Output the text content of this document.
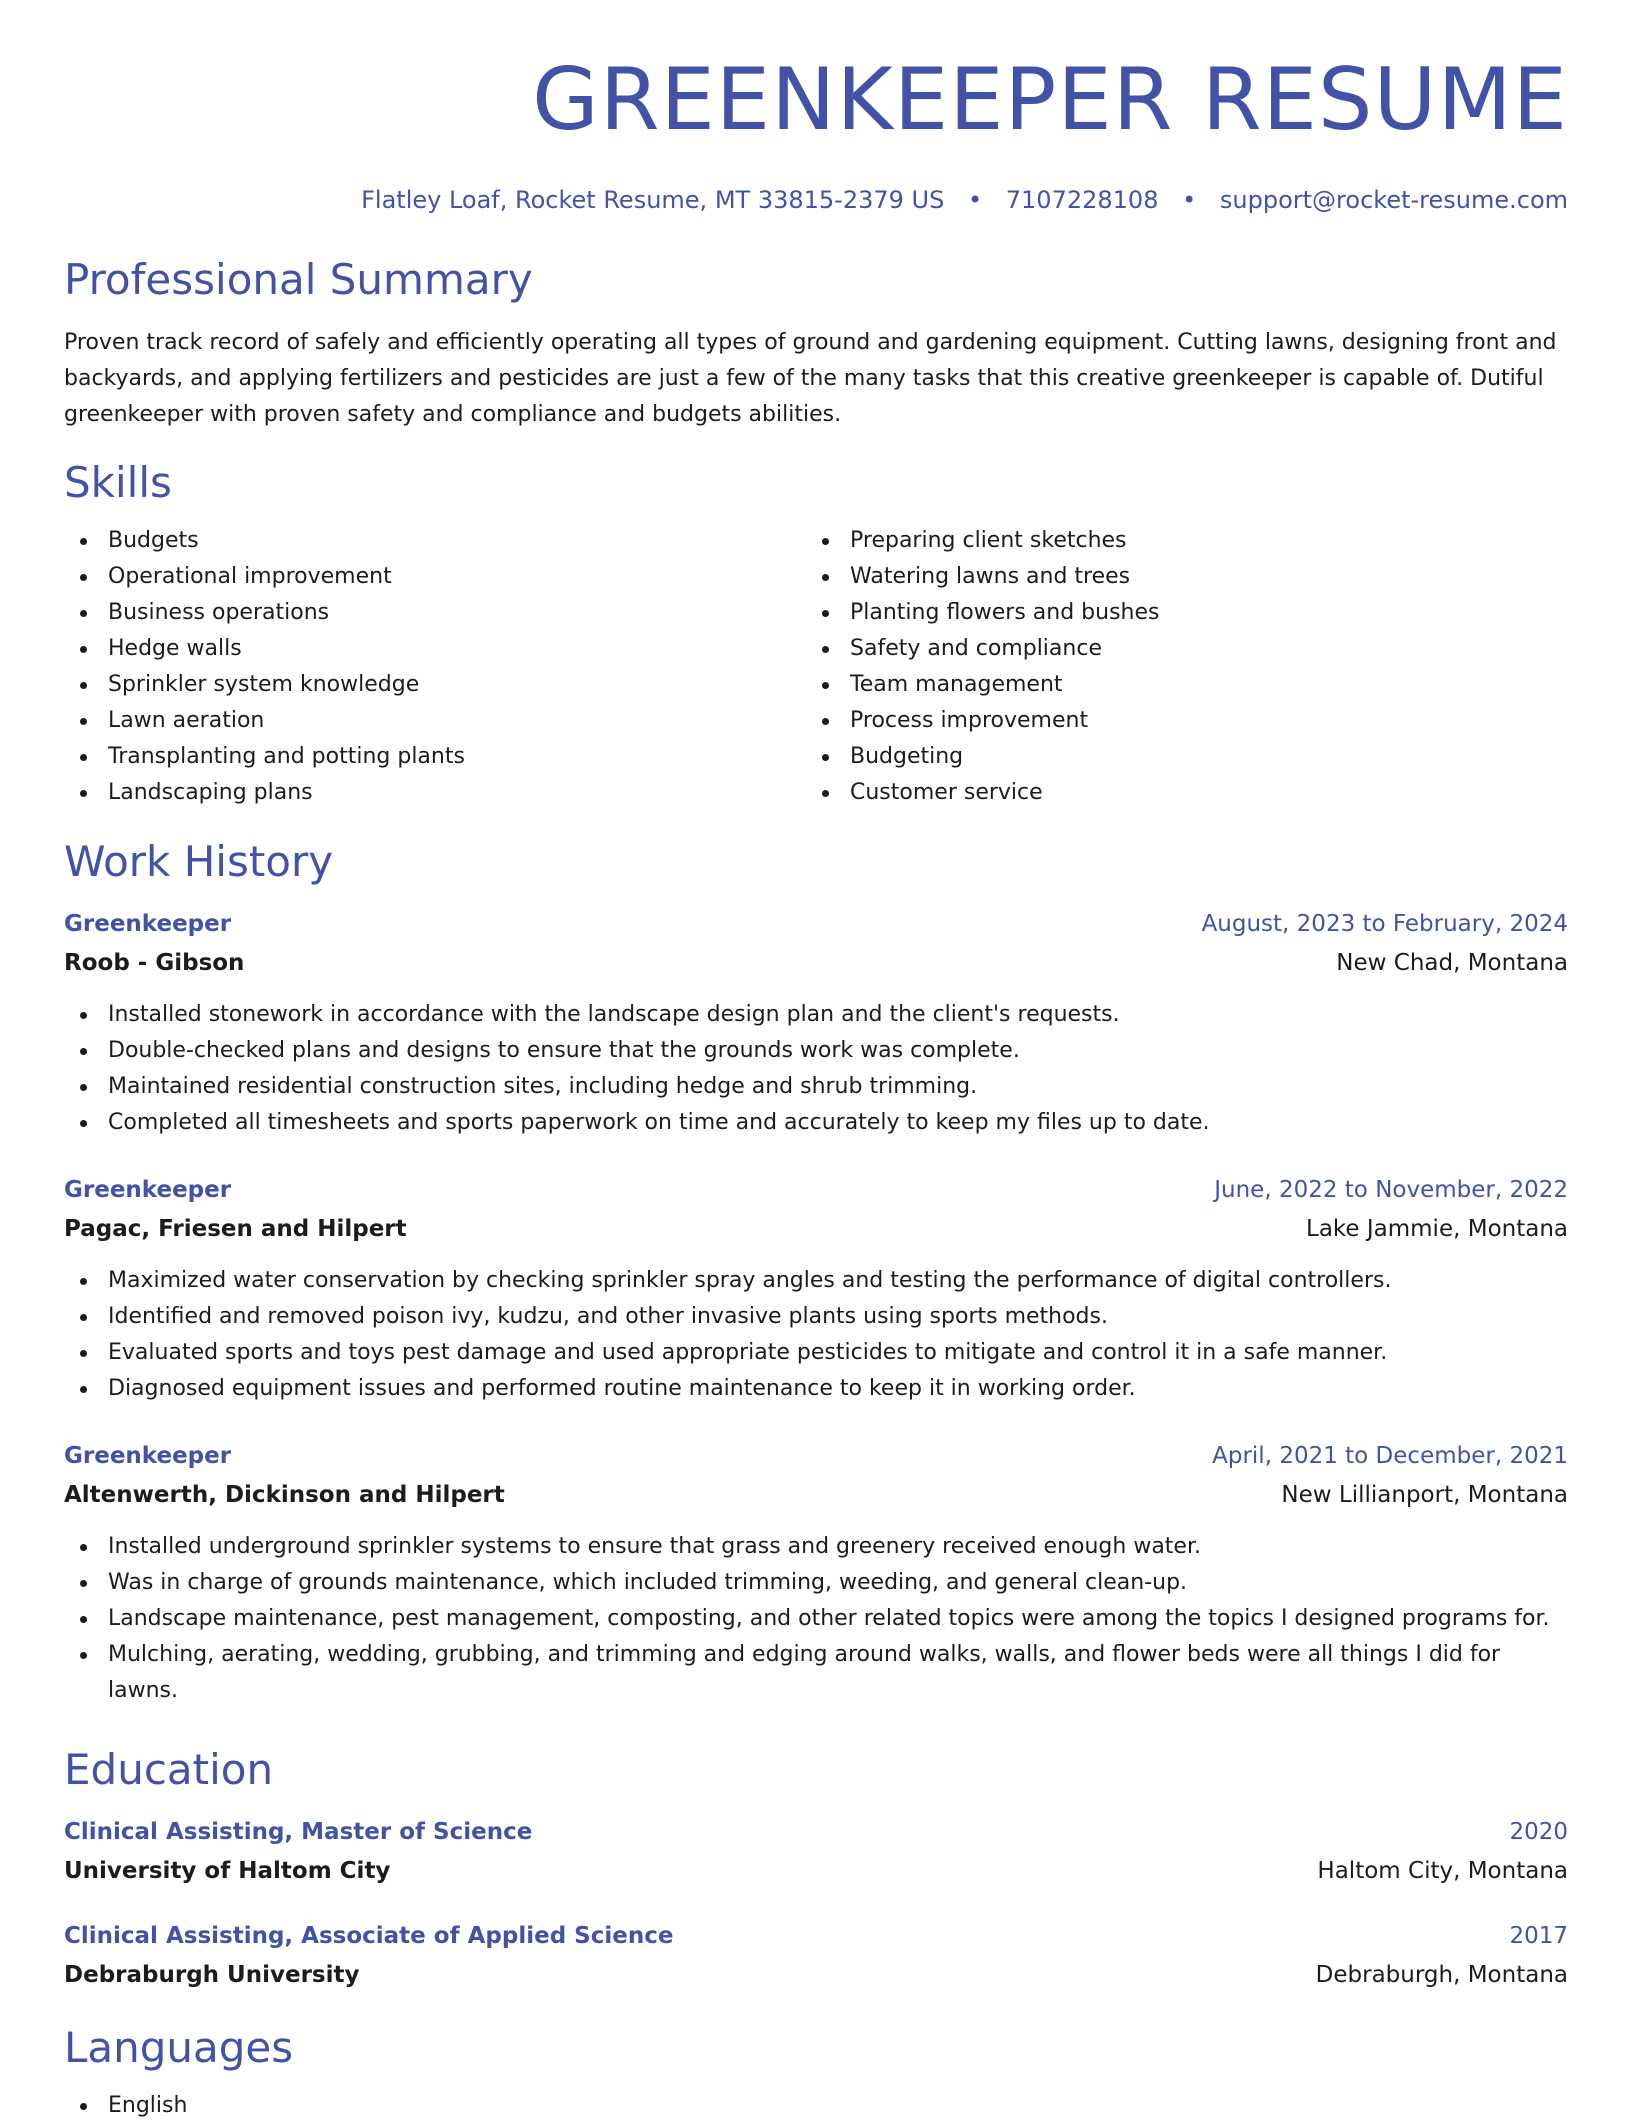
GREENKEEPER RESUME
Flatley Loaf, Rocket Resume, MT 33815-2379 US • 7107228108 • support@rocket-resume.com
Professional Summary

Proven track record of safely and efficiently operating all types of ground and gardening equipment. Cutting lawns, designing front and backyards, and applying fertilizers and pesticides are just a few of the many tasks that this creative greenkeeper is capable of. Dutiful greenkeeper with proven safety and compliance and budgets abilities.

Skills
Budgets
Operational improvement
Business operations
Hedge walls
Sprinkler system knowledge
Lawn aeration
Transplanting and potting plants
Landscaping plans
Preparing client sketches
Watering lawns and trees
Planting flowers and bushes
Safety and compliance
Team management
Process improvement
Budgeting
Customer service
Work History
Greenkeeper	August, 2023 to February, 2024
Roob - Gibson	New Chad, Montana
Installed stonework in accordance with the landscape design plan and the client's requests.
Double-checked plans and designs to ensure that the grounds work was complete.
Maintained residential construction sites, including hedge and shrub trimming.
Completed all timesheets and sports paperwork on time and accurately to keep my files up to date.
Greenkeeper	June, 2022 to November, 2022
Pagac, Friesen and Hilpert	Lake Jammie, Montana
Maximized water conservation by checking sprinkler spray angles and testing the performance of digital controllers.
Identified and removed poison ivy, kudzu, and other invasive plants using sports methods.
Evaluated sports and toys pest damage and used appropriate pesticides to mitigate and control it in a safe manner.
Diagnosed equipment issues and performed routine maintenance to keep it in working order.
Greenkeeper	April, 2021 to December, 2021
Altenwerth, Dickinson and Hilpert	New Lillianport, Montana
Installed underground sprinkler systems to ensure that grass and greenery received enough water.
Was in charge of grounds maintenance, which included trimming, weeding, and general clean-up.
Landscape maintenance, pest management, composting, and other related topics were among the topics I designed programs for.
Mulching, aerating, wedding, grubbing, and trimming and edging around walks, walls, and flower beds were all things I did for lawns.
Education
Clinical Assisting, Master of Science	2020
University of Haltom City	Haltom City, Montana
Clinical Assisting, Associate of Applied Science	2017
Debraburgh University	Debraburgh, Montana
Languages
English
